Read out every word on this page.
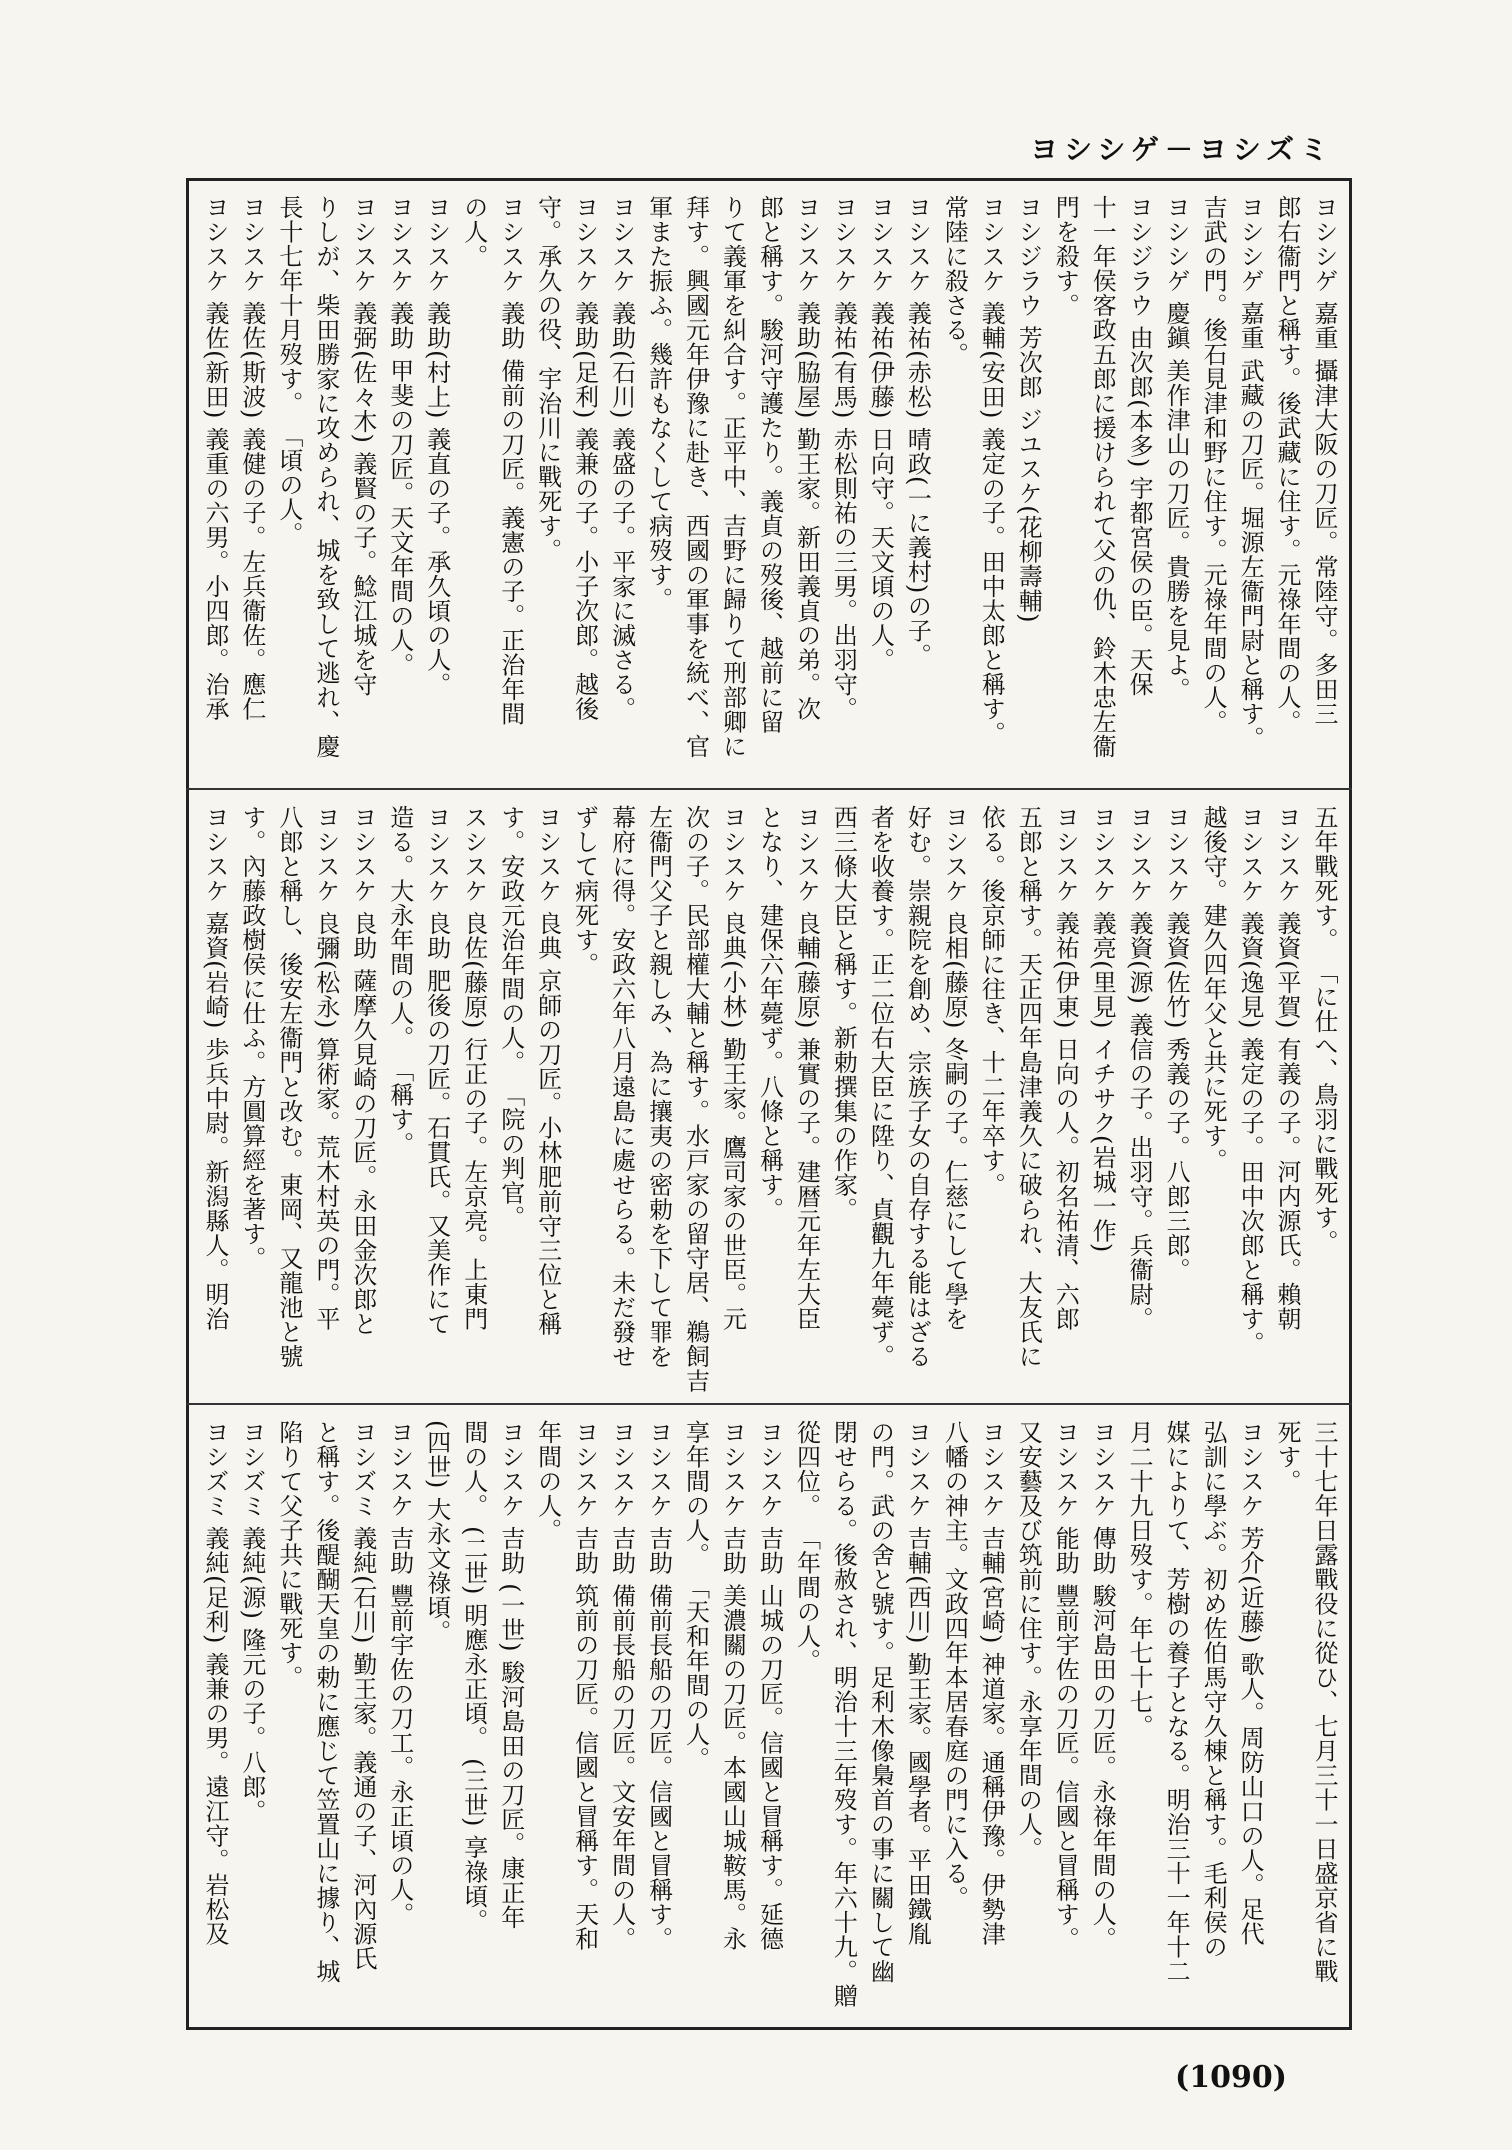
ヨシシゲ－ヨシズミ
ヨシシゲ 嘉重 攝津大阪の刀匠。常陸守。多田三
郎右衞門と稱す。後武藏に住す。元祿年間の人。
ヨシシゲ 嘉重 武藏の刀匠。堀源左衞門尉と稱す。
吉武の門。後石見津和野に住す。元祿年間の人。
ヨシシゲ 慶鎭 美作津山の刀匠。貴勝を見よ。
ヨシジラウ 由次郎(本多) 宇都宮侯の臣。天保
十一年侯客政五郎に援けられて父の仇、鈴木忠左衞
門を殺す。
ヨシジラウ 芳次郎 ジユスケ(花柳壽輔)
ヨシスケ 義輔(安田) 義定の子。田中太郎と稱す。
常陸に殺さる。
ヨシスケ 義祐(赤松) 晴政(一に義村)の子。
ヨシスケ 義祐(伊藤) 日向守。天文頃の人。
ヨシスケ 義祐(有馬) 赤松則祐の三男。出羽守。
ヨシスケ 義助(脇屋) 勤王家。新田義貞の弟。次
郎と稱す。駿河守護たり。義貞の歿後、越前に留
りて義軍を糾合す。正平中、吉野に歸りて刑部卿に
拜す。興國元年伊豫に赴き、西國の軍事を統べ、官
軍また振ふ。幾許もなくして病歿す。
ヨシスケ 義助(石川) 義盛の子。平家に滅さる。
ヨシスケ 義助(足利) 義兼の子。小子次郎。越後
守。承久の役、宇治川に戰死す。
ヨシスケ 義助 備前の刀匠。義憲の子。正治年間
の人。
ヨシスケ 義助(村上) 義直の子。承久頃の人。
ヨシスケ 義助 甲斐の刀匠。天文年間の人。
ヨシスケ 義弼(佐々木) 義賢の子。鯰江城を守
りしが、柴田勝家に攻められ、城を致して逃れ、慶
長十七年十月歿す。 「頃の人。
ヨシスケ 義佐(斯波) 義健の子。左兵衞佐。應仁
ヨシスケ 義佐(新田) 義重の六男。小四郎。治承
五年戰死す。 「に仕へ、鳥羽に戰死す。
ヨシスケ 義資(平賀) 有義の子。河内源氏。賴朝
ヨシスケ 義資(逸見) 義定の子。田中次郎と稱す。
越後守。建久四年父と共に死す。
ヨシスケ 義資(佐竹) 秀義の子。八郎三郎。
ヨシスケ 義資(源) 義信の子。出羽守。兵衞尉。
ヨシスケ 義亮(里見) イチサク(岩城一作)
ヨシスケ 義祐(伊東) 日向の人。初名祐清、六郎
五郎と稱す。天正四年島津義久に破られ、大友氏に
依る。後京師に往き、十二年卒す。
ヨシスケ 良相(藤原) 冬嗣の子。仁慈にして學を
好む。崇親院を創め、宗族子女の自存する能はざる
者を收養す。正二位右大臣に陞り、貞觀九年薨ず。
西三條大臣と稱す。新勅撰集の作家。
ヨシスケ 良輔(藤原) 兼實の子。建暦元年左大臣
となり、建保六年薨ず。八條と稱す。
ヨシスケ 良典(小林) 勤王家。鷹司家の世臣。元
次の子。民部權大輔と稱す。水戸家の留守居、鵜飼吉
左衞門父子と親しみ、為に攘夷の密勅を下して罪を
幕府に得。安政六年八月遠島に處せらる。未だ發せ
ずして病死す。
ヨシスケ 良典 京師の刀匠。小林肥前守三位と稱
す。安政元治年間の人。 「院の判官。
スシスケ 良佐(藤原) 行正の子。左京亮。上東門
ヨシスケ 良助 肥後の刀匠。石貫氏。又美作にて
造る。大永年間の人。 「稱す。
ヨシスケ 良助 薩摩久見崎の刀匠。永田金次郎と
ヨシスケ 良彌(松永) 算術家。荒木村英の門。平
八郎と稱し、後安左衞門と改む。東岡、又龍池と號
す。內藤政樹侯に仕ふ。方圓算經を著す。
ヨシスケ 嘉資(岩崎) 歩兵中尉。新潟縣人。明治
三十七年日露戰役に從ひ、七月三十一日盛京省に戰
死す。
ヨシスケ 芳介(近藤) 歌人。周防山口の人。足代
弘訓に學ぶ。初め佐伯馬守久棟と稱す。毛利侯の
媒によりて、芳樹の養子となる。明治三十一年十二
月二十九日歿す。年七十七。
ヨシスケ 傳助 駿河島田の刀匠。永祿年間の人。
ヨシスケ 能助 豐前宇佐の刀匠。信國と冒稱す。
又安藝及び筑前に住す。永享年間の人。
ヨシスケ 吉輔(宮崎) 神道家。通稱伊豫。伊勢津
八幡の神主。文政四年本居春庭の門に入る。
ヨシスケ 吉輔(西川) 勤王家。國學者。平田鐵胤
の門。武の舍と號す。足利木像梟首の事に關して幽
閉せらる。後赦され、明治十三年歿す。年六十九。贈
從四位。 「年間の人。
ヨシスケ 吉助 山城の刀匠。信國と冒稱す。延德
ヨシスケ 吉助 美濃關の刀匠。本國山城鞍馬。永
享年間の人。 「天和年間の人。
ヨシスケ 吉助 備前長船の刀匠。信國と冒稱す。
ヨシスケ 吉助 備前長船の刀匠。文安年間の人。
ヨシスケ 吉助 筑前の刀匠。信國と冒稱す。天和
年間の人。
ヨシスケ 吉助 (一世) 駿河島田の刀匠。康正年
間の人。 (二世) 明應永正頃。 (三世) 享祿頃。
(四世) 大永文祿頃。
ヨシスケ 吉助 豐前宇佐の刀工。永正頃の人。
ヨシズミ 義純(石川) 勤王家。義通の子、河內源氏
と稱す。後醍醐天皇の勅に應じて笠置山に據り、城
陷りて父子共に戰死す。
ヨシズミ 義純(源) 隆元の子。八郎。
ヨシズミ 義純(足利) 義兼の男。遠江守。岩松及
(1090)
